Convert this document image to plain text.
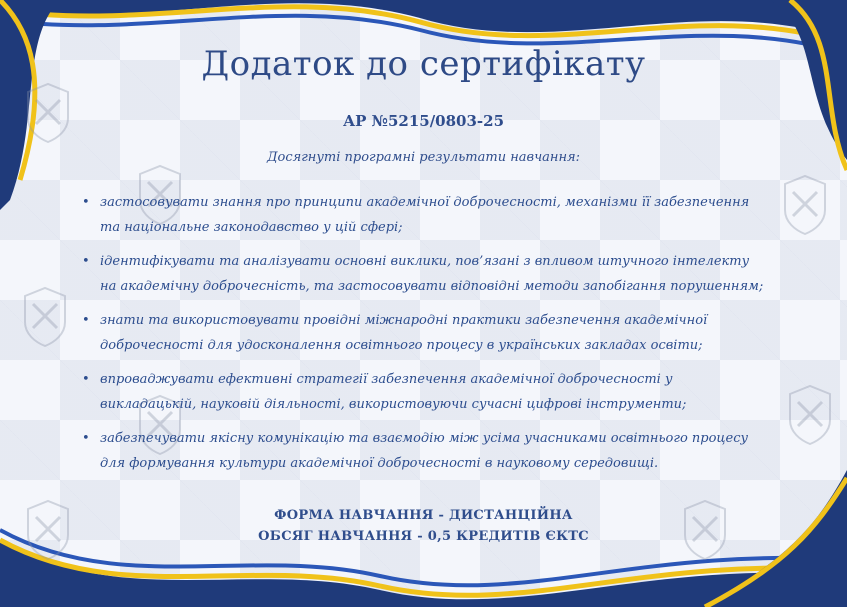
Додаток до сертифікату
АР №5215/0803-25
Досягнуті програмні результати навчання:
• застосовувати знання про принципи академічної доброчесності, механізми її забезпечення
та національне законодавство у цій сфері;
• ідентифікувати та аналізувати основні виклики, пов’язані з впливом штучного інтелекту
на академічну доброчесність, та застосовувати відповідні методи запобігання порушенням;
• знати та використовувати провідні міжнародні практики забезпечення академічної
доброчесності для удосконалення освітнього процесу в українських закладах освіти;
• впроваджувати ефективні стратегії забезпечення академічної доброчесності у
викладацькій, науковій діяльності, використовуючи сучасні цифрові інструменти;
• забезпечувати якісну комунікацію та взаємодію між усіма учасниками освітнього процесу
для формування культури академічної доброчесності в науковому середовищі.
ФОРМА НАВЧАННЯ - ДИСТАНЦІЙНА
ОБСЯГ НАВЧАННЯ - 0,5 КРЕДИТІВ ЄКТС
